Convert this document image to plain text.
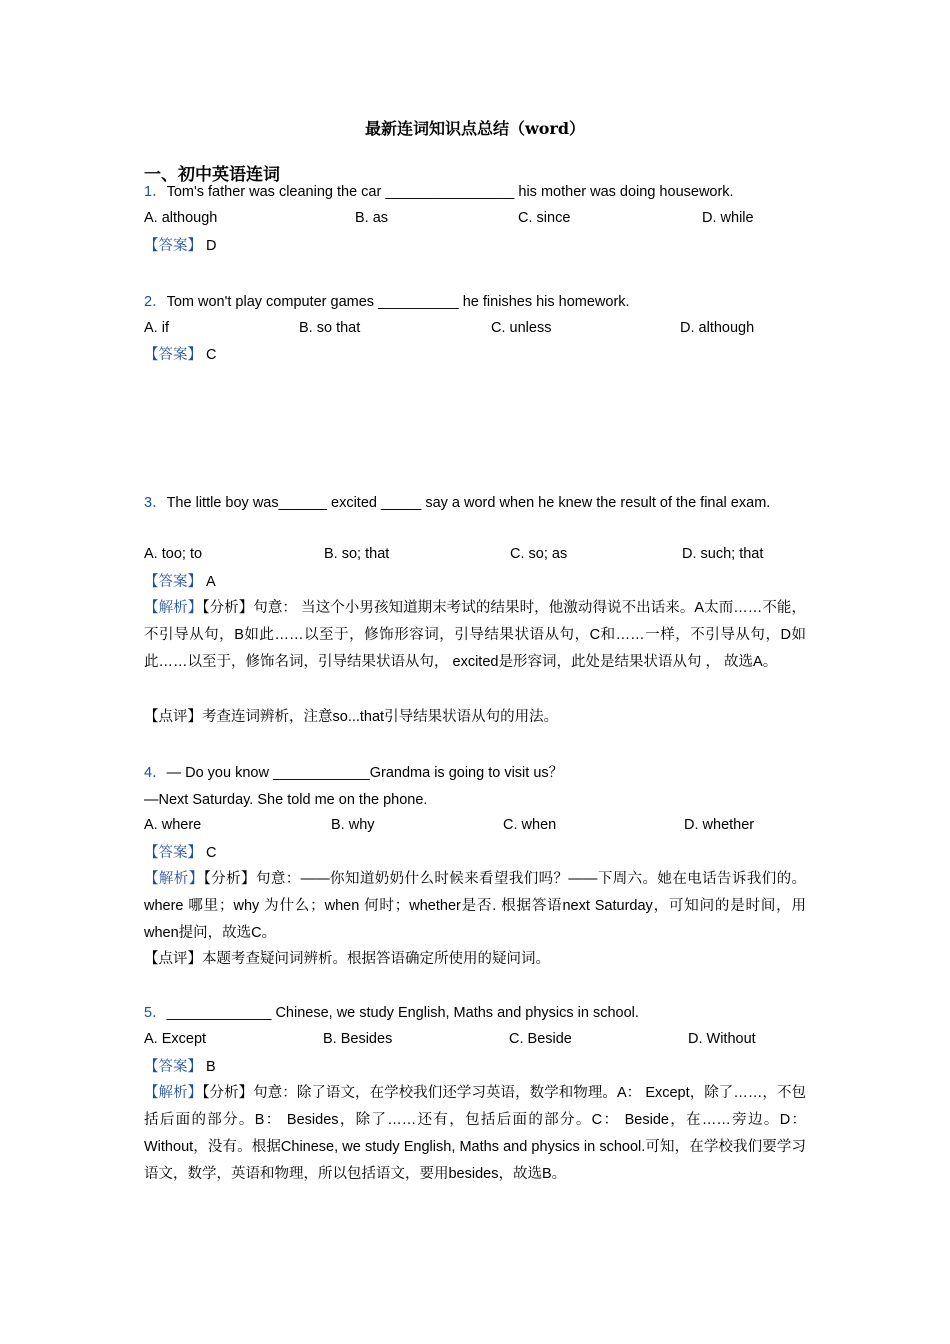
最新连词知识点总结（word）
一、初中英语连词
1．Tom's father was cleaning the car ________________ his mother was doing housework.
A. although	B. as	C. since	D. while
【答案】 D
2．Tom won't play computer games __________ he finishes his homework.
A. if	B. so that	C. unless	D. although
【答案】 C
3．The little boy was______ excited _____ say a word when he knew the result of the final exam.
A. too; to	B. so; that	C. so; as	D. such; that
【答案】 A
【解析】【分析】句意： 当这个小男孩知道期末考试的结果时，他激动得说不出话来。A太而……不能，不引导从句，B如此……以至于，修饰形容词，引导结果状语从句，C和……一样，不引导从句，D如此……以至于，修饰名词，引导结果状语从句， excited是形容词，此处是结果状语从句 ， 故选A。
【点评】考查连词辨析，注意so...that引导结果状语从句的用法。
4．— Do you know ____________Grandma is going to visit us？
—Next Saturday. She told me on the phone.
A. where	B. why	C. when	D. whether
【答案】 C
【解析】【分析】句意：——你知道奶奶什么时候来看望我们吗？——下周六。她在电话告诉我们的。where 哪里；why 为什么；when 何时；whether是否. 根据答语next Saturday，可知问的是时间，用when提问，故选C。
【点评】本题考查疑问词辨析。根据答语确定所使用的疑问词。
5．_____________ Chinese, we study English, Maths and physics in school.
A. Except	B. Besides	C. Beside	D. Without
【答案】 B
【解析】【分析】句意：除了语文，在学校我们还学习英语，数学和物理。A： Except，除了……，不包括后面的部分。B： Besides，除了……还有，包括后面的部分。C： Beside，在……旁边。D： Without，没有。根据Chinese, we study English, Maths and physics in school.可知，在学校我们要学习语文，数学，英语和物理，所以包括语文，要用besides，故选B。
